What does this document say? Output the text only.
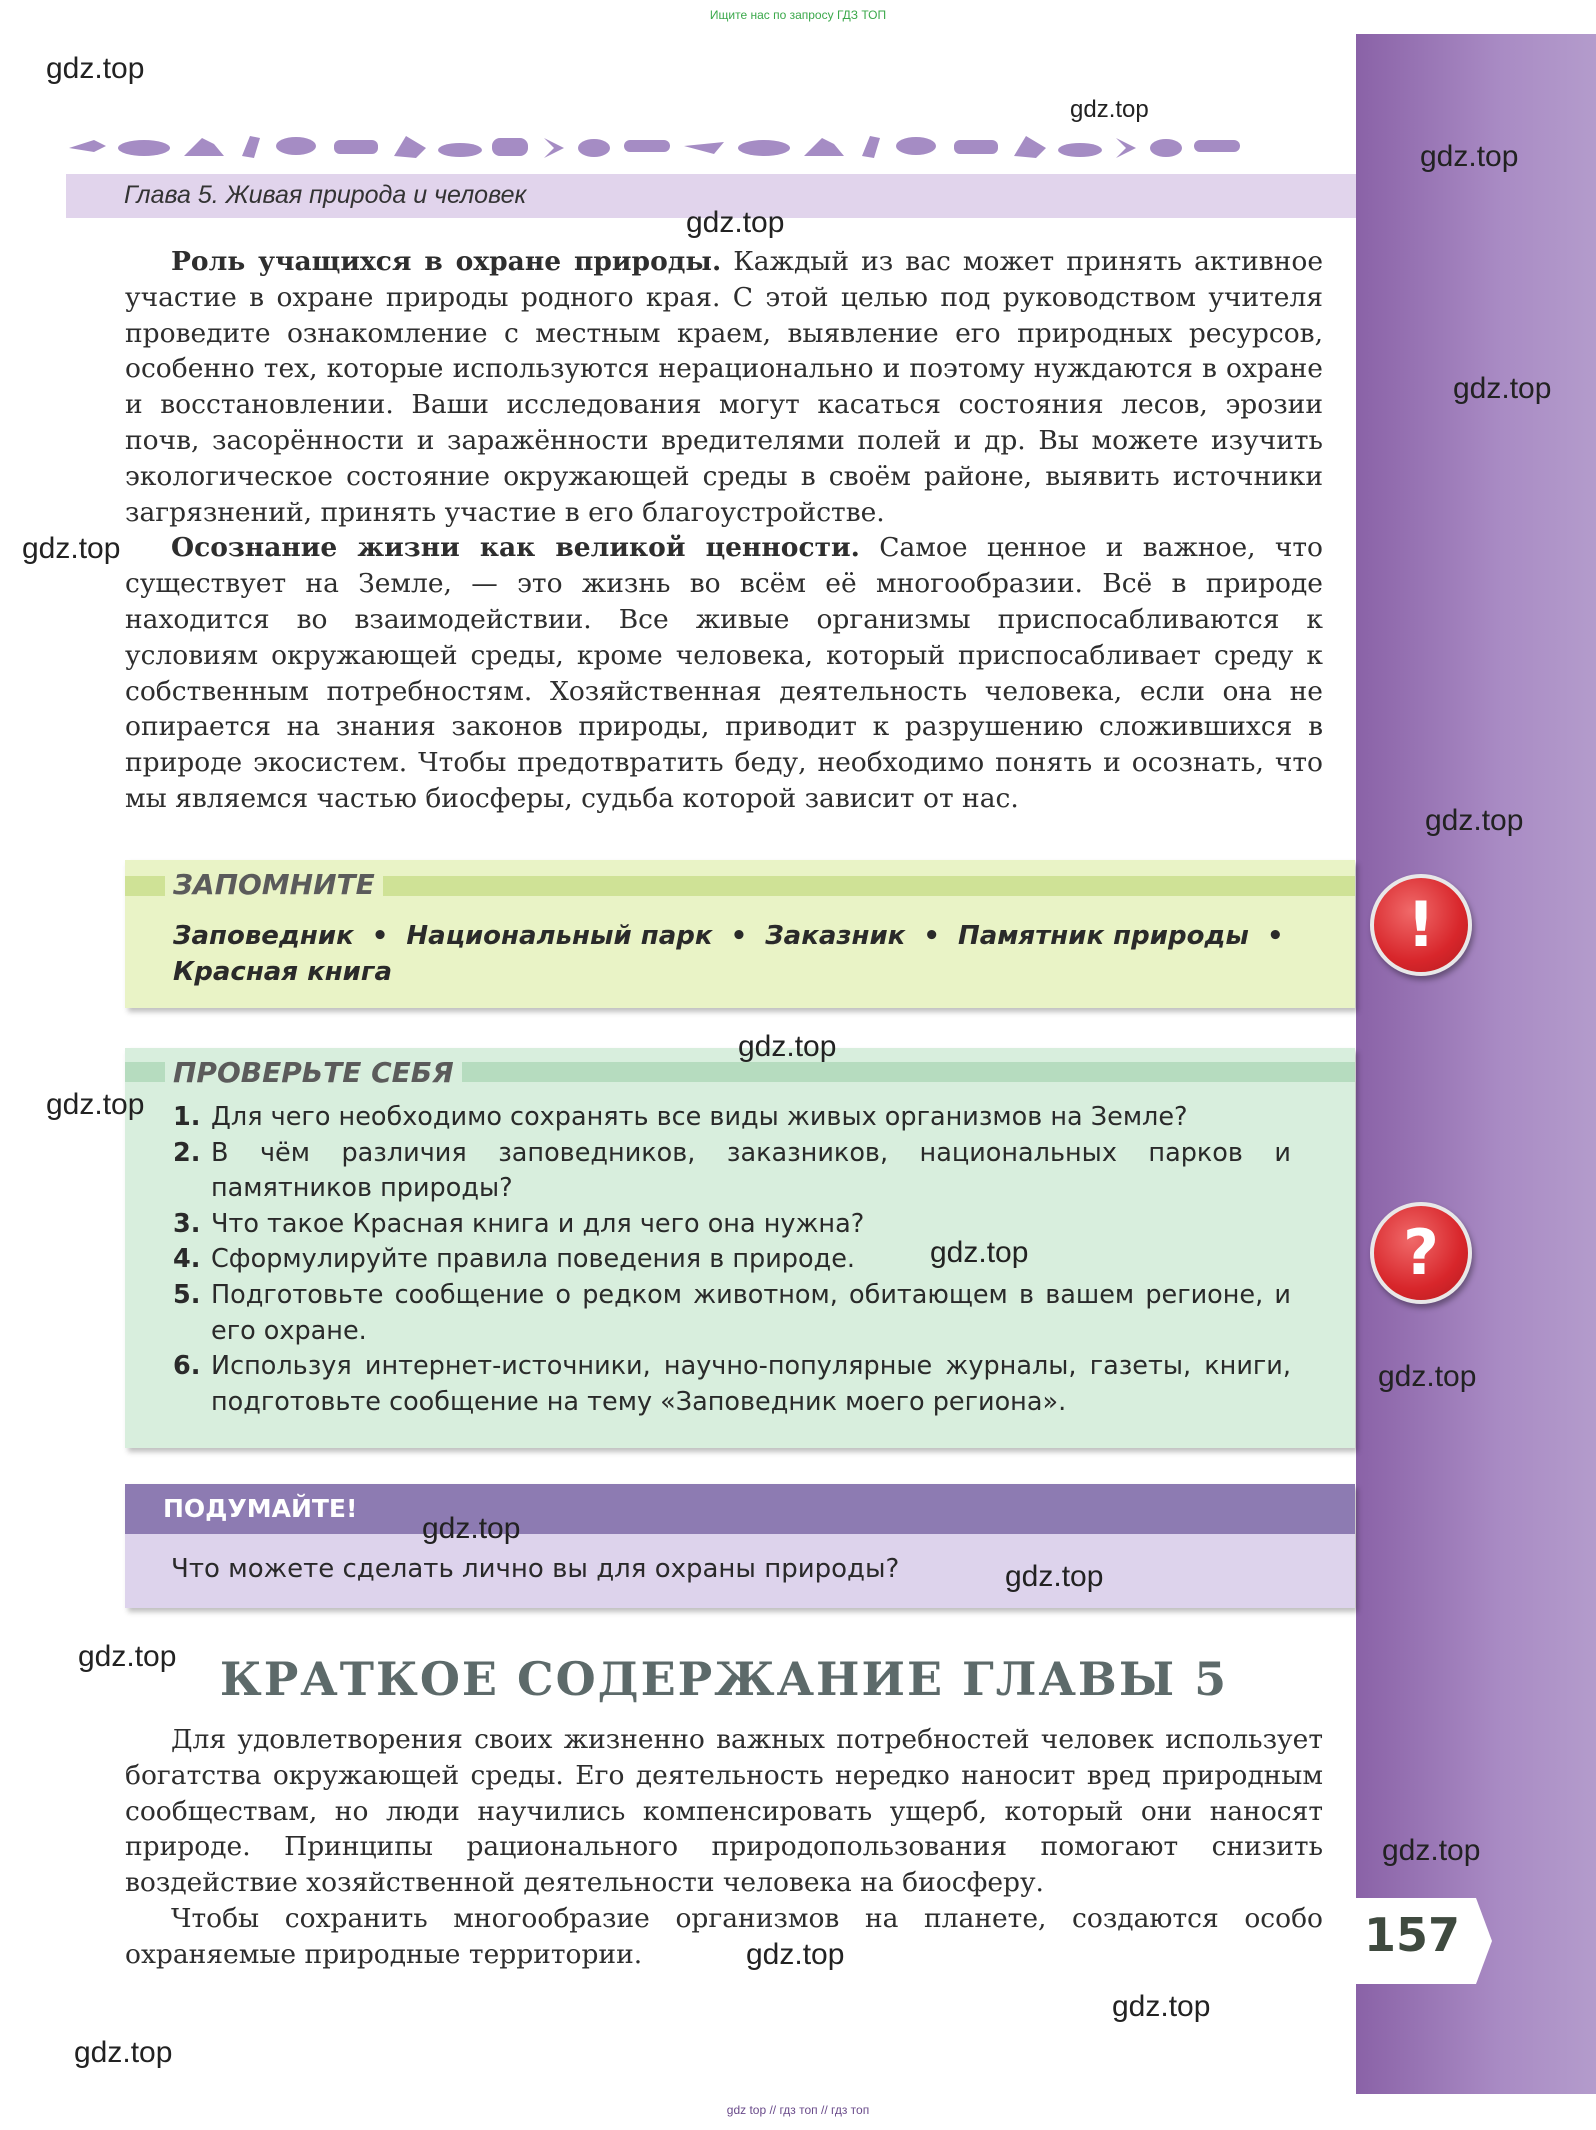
Ищите нас по запросу ГДЗ ТОП
Глава 5. Живая природа и человек

Роль учащихся в охране природы. Каждый из вас может принять активное участие в охране природы родного края. С этой целью под руководством учителя проведите ознакомление с местным краем, выявление его природных ресурсов, особенно тех, которые используются нерационально и поэтому нуждаются в охране и восстановлении. Ваши исследования могут касаться состояния лесов, эрозии почв, засорённости и заражённости вредителями полей и др. Вы можете изучить экологическое состояние окружающей среды в своём районе, выявить источники загрязнений, принять участие в его благоустройстве.

Осознание жизни как великой ценности. Самое ценное и важное, что существует на Земле, — это жизнь во всём её многообразии. Всё в природе находится во взаимодействии. Все живые организмы приспосабливаются к условиям окружающей среды, кроме человека, который приспосабливает среду к собственным потребностям. Хозяйственная деятельность человека, если она не опирается на знания законов природы, приводит к разрушению сложившихся в природе экосистем. Чтобы предотвратить беду, необходимо понять и осознать, что мы являемся частью биосферы, судьба которой зависит от нас.

ЗАПОМНИТЕ
Заповедник • Национальный парк • Заказник • Памятник природы •
Красная книга
!
ПРОВЕРЬТЕ СЕБЯ
1. Для чего необходимо сохранять все виды живых организмов на Земле?
2. В чём различия заповедников, заказников, национальных парков и памятников природы?
3. Что такое Красная книга и для чего она нужна?
4. Сформулируйте правила поведения в природе.
5. Подготовьте сообщение о редком животном, обитающем в вашем регионе, и его охране.
6. Используя интернет-источники, научно-популярные журналы, газеты, книги, подготовьте сообщение на тему «Заповедник моего региона».
?
ПОДУМАЙТЕ!
Что можете сделать лично вы для охраны природы?
КРАТКОЕ СОДЕРЖАНИЕ ГЛАВЫ 5

Для удовлетворения своих жизненно важных потребностей человек использует богатства окружающей среды. Его деятельность нередко наносит вред природным сообществам, но люди научились компенсировать ущерб, который они наносят природе. Принципы рационального природопользования помогают снизить воздействие хозяйственной деятельности человека на биосферу.

Чтобы сохранить многообразие организмов на планете, создаются особо охраняемые природные территории.	157
gdz.top
gdz.top
gdz.top
gdz.top
gdz.top
gdz.top
gdz.top
gdz.top
gdz.top
gdz.top
gdz.top
gdz.top
gdz.top
gdz.top
gdz.top
gdz.top
gdz.top
gdz.top
gdz top // гдз топ // гдз топ
